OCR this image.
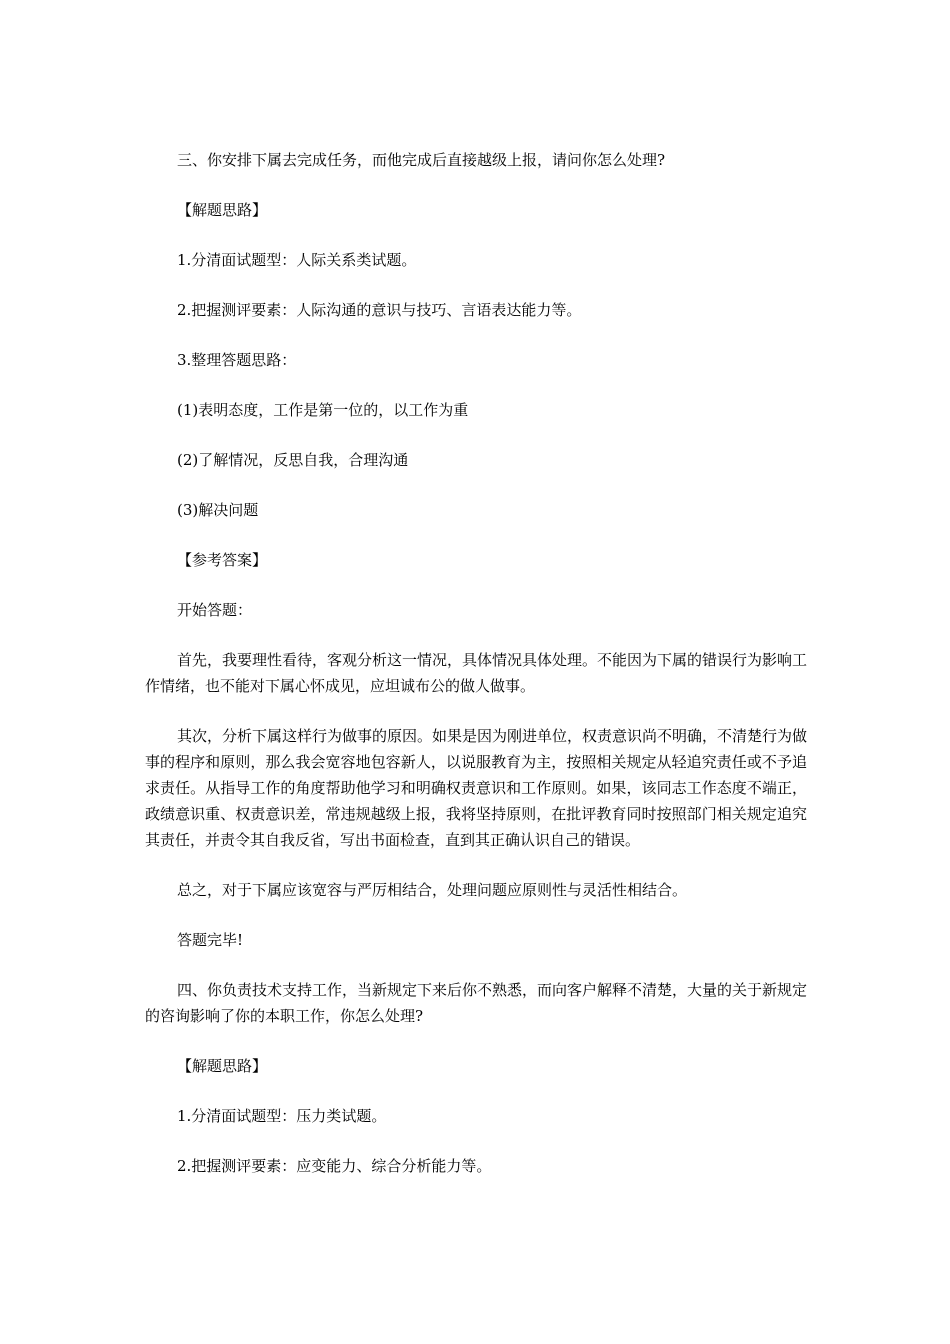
三、你安排下属去完成任务，而他完成后直接越级上报，请问你怎么处理?

【解题思路】

1.分清面试题型：人际关系类试题。

2.把握测评要素：人际沟通的意识与技巧、言语表达能力等。

3.整理答题思路：

(1)表明态度，工作是第一位的，以工作为重

(2)了解情况，反思自我，合理沟通

(3)解决问题

【参考答案】

开始答题：

首先，我要理性看待，客观分析这一情况，具体情况具体处理。不能因为下属的错误行为影响工作情绪，也不能对下属心怀成见，应坦诚布公的做人做事。

其次，分析下属这样行为做事的原因。如果是因为刚进单位，权责意识尚不明确，不清楚行为做事的程序和原则，那么我会宽容地包容新人，以说服教育为主，按照相关规定从轻追究责任或不予追求责任。从指导工作的角度帮助他学习和明确权责意识和工作原则。如果，该同志工作态度不端正，政绩意识重、权责意识差，常违规越级上报，我将坚持原则，在批评教育同时按照部门相关规定追究其责任，并责令其自我反省，写出书面检查，直到其正确认识自己的错误。

总之，对于下属应该宽容与严厉相结合，处理问题应原则性与灵活性相结合。

答题完毕!

四、你负责技术支持工作，当新规定下来后你不熟悉，而向客户解释不清楚，大量的关于新规定的咨询影响了你的本职工作，你怎么处理?

【解题思路】

1.分清面试题型：压力类试题。

2.把握测评要素：应变能力、综合分析能力等。
